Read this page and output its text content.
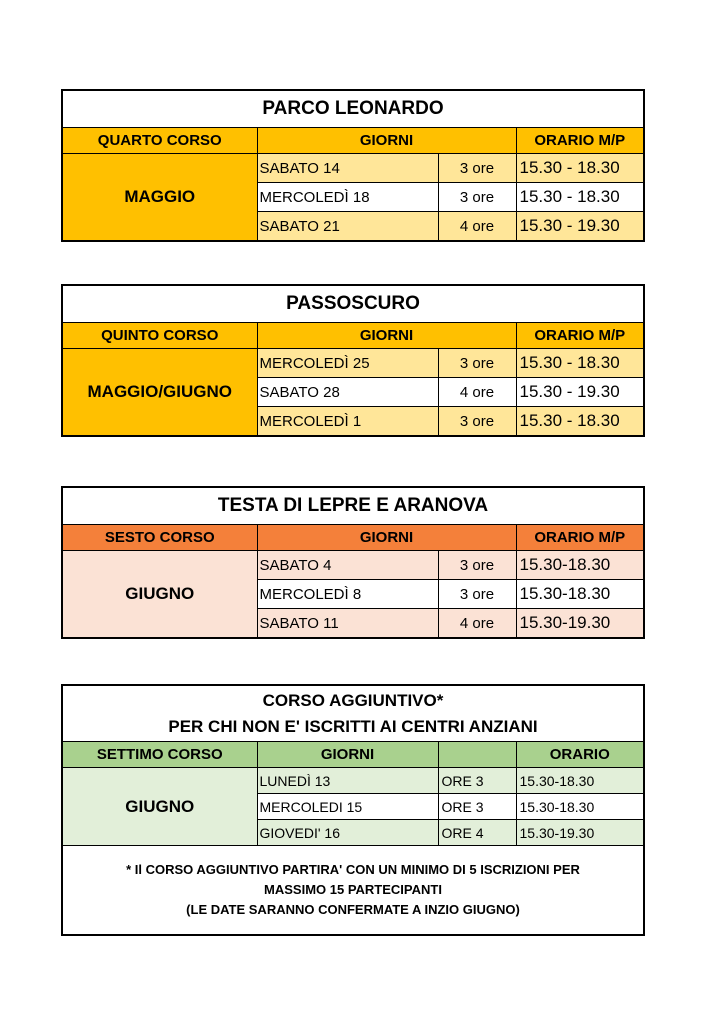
PARCO LEONARDO			
QUARTO CORSO	GIORNI		ORARIO M/P
MAGGIO	SABATO 14	3 ore	15.30 - 18.30
	MERCOLEDÌ 18	3 ore	15.30 - 18.30
	SABATO 21	4 ore	15.30 - 19.30
PASSOSCURO			
QUINTO CORSO	GIORNI		ORARIO M/P
MAGGIO/GIUGNO	MERCOLEDÌ 25	3 ore	15.30 - 18.30
	SABATO 28	4 ore	15.30 - 19.30
	MERCOLEDÌ 1	3 ore	15.30 - 18.30
TESTA DI LEPRE E ARANOVA			
SESTO CORSO	GIORNI		ORARIO M/P
GIUGNO	SABATO 4	3 ore	15.30-18.30
	MERCOLEDÌ 8	3 ore	15.30-18.30
	SABATO 11	4 ore	15.30-19.30
CORSO AGGIUNTIVO*
PER CHI NON E' ISCRITTI AI CENTRI ANZIANI			

SETTIMO CORSO	GIORNI		ORARIO
GIUGNO	LUNEDÌ 13	ORE 3	15.30-18.30
	MERCOLEDI 15	ORE 3	15.30-18.30
	GIOVEDI' 16	ORE 4	15.30-19.30

* Il CORSO AGGIUNTIVO PARTIRA' CON UN MINIMO DI 5 ISCRIZIONI PER
MASSIMO 15 PARTECIPANTI
(LE DATE SARANNO CONFERMATE A INZIO GIUGNO)			
